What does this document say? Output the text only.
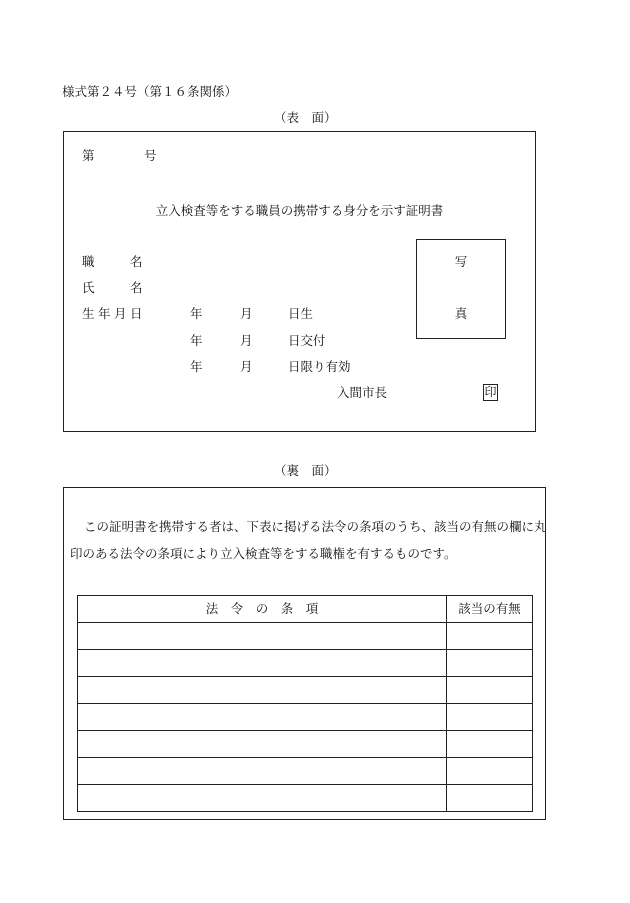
様式第２４号（第１６条関係）
（表　面）
第	号
立入検査等をする職員の携帯する身分を示す証明書
職名
氏名
生年月日	年	月	日生
年	月	日交付
年	月	日限り有効
写
真
入間市長	印
（裏　面）
この証明書を携帯する者は、下表に掲げる法令の条項のうち、該当の有無の欄に丸
印のある法令の条項により立入検査等をする職権を有するものです。
法　令　の　条　項	該当の有無
